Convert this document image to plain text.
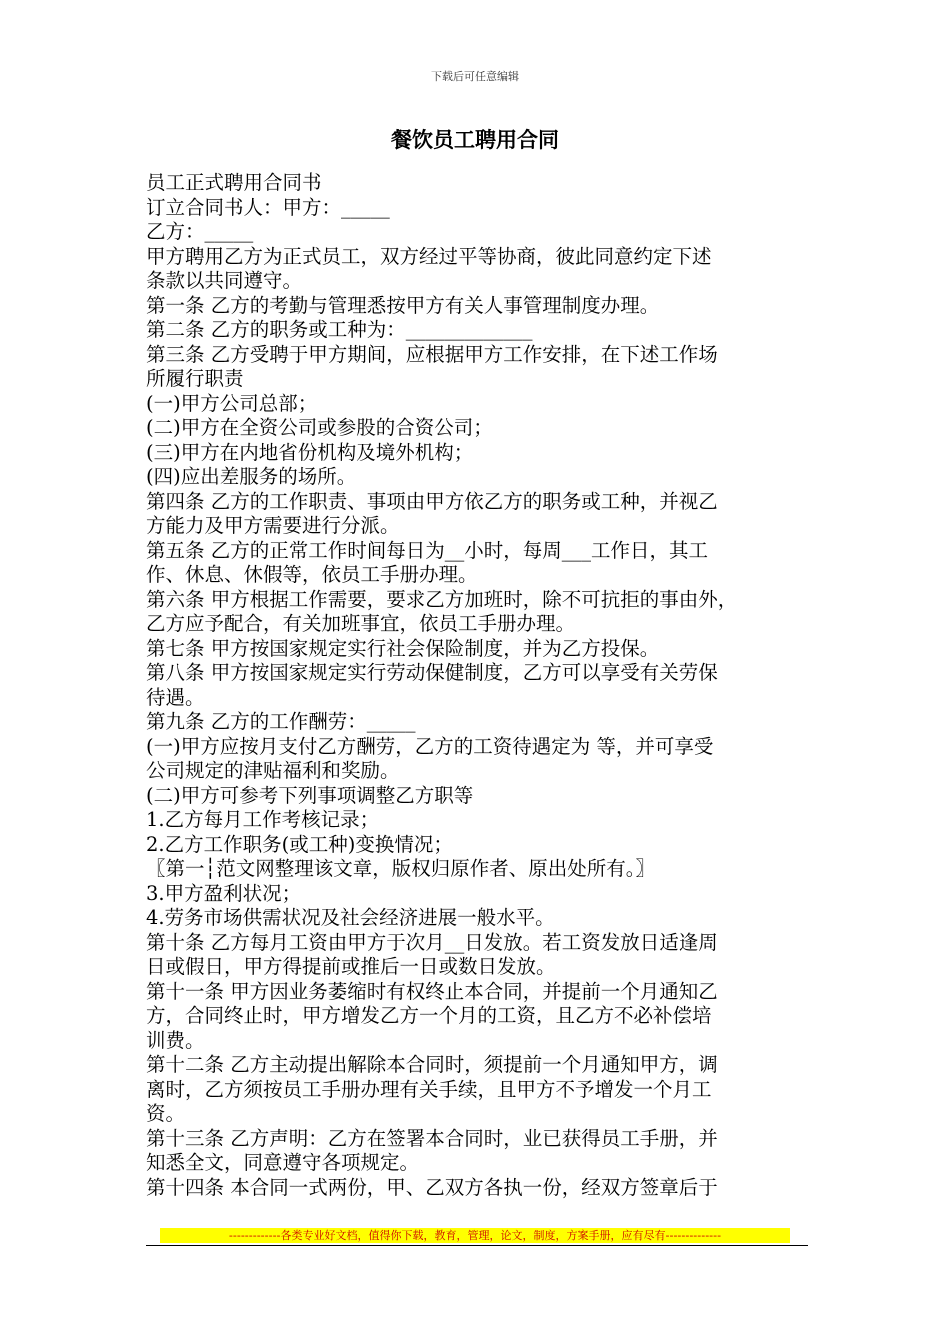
下载后可任意编辑
餐饮员工聘用合同
员工正式聘用合同书
订立合同书人：甲方：_____
乙方：_____
甲方聘用乙方为正式员工，双方经过平等协商，彼此同意约定下述
条款以共同遵守。
第一条 乙方的考勤与管理悉按甲方有关人事管理制度办理。
第二条 乙方的职务或工种为：_____________
第三条 乙方受聘于甲方期间，应根据甲方工作安排，在下述工作场
所履行职责
(一)甲方公司总部；
(二)甲方在全资公司或参股的合资公司；
(三)甲方在内地省份机构及境外机构；
(四)应出差服务的场所。
第四条 乙方的工作职责、事项由甲方依乙方的职务或工种，并视乙
方能力及甲方需要进行分派。
第五条 乙方的正常工作时间每日为__小时，每周___工作日，其工
作、休息、休假等，依员工手册办理。
第六条 甲方根据工作需要，要求乙方加班时，除不可抗拒的事由外，
乙方应予配合，有关加班事宜，依员工手册办理。
第七条 甲方按国家规定实行社会保险制度，并为乙方投保。
第八条 甲方按国家规定实行劳动保健制度，乙方可以享受有关劳保
待遇。
第九条 乙方的工作酬劳：_____
(一)甲方应按月支付乙方酬劳，乙方的工资待遇定为 等，并可享受
公司规定的津贴福利和奖励。
(二)甲方可参考下列事项调整乙方职等
1.乙方每月工作考核记录；
2.乙方工作职务(或工种)变换情况；
〖第一┆范文网整理该文章，版权归原作者、原出处所有。〗
3.甲方盈利状况；
4.劳务市场供需状况及社会经济进展一般水平。
第十条 乙方每月工资由甲方于次月__日发放。若工资发放日适逢周
日或假日，甲方得提前或推后一日或数日发放。
第十一条 甲方因业务萎缩时有权终止本合同，并提前一个月通知乙
方，合同终止时，甲方增发乙方一个月的工资，且乙方不必补偿培
训费。
第十二条 乙方主动提出解除本合同时，须提前一个月通知甲方，调
离时，乙方须按员工手册办理有关手续，且甲方不予增发一个月工
资。
第十三条 乙方声明：乙方在签署本合同时，业已获得员工手册，并
知悉全文，同意遵守各项规定。
第十四条 本合同一式两份，甲、乙双方各执一份，经双方签章后于
-------------各类专业好文档，值得你下载，教育，管理，论文，制度，方案手册，应有尽有--------------
